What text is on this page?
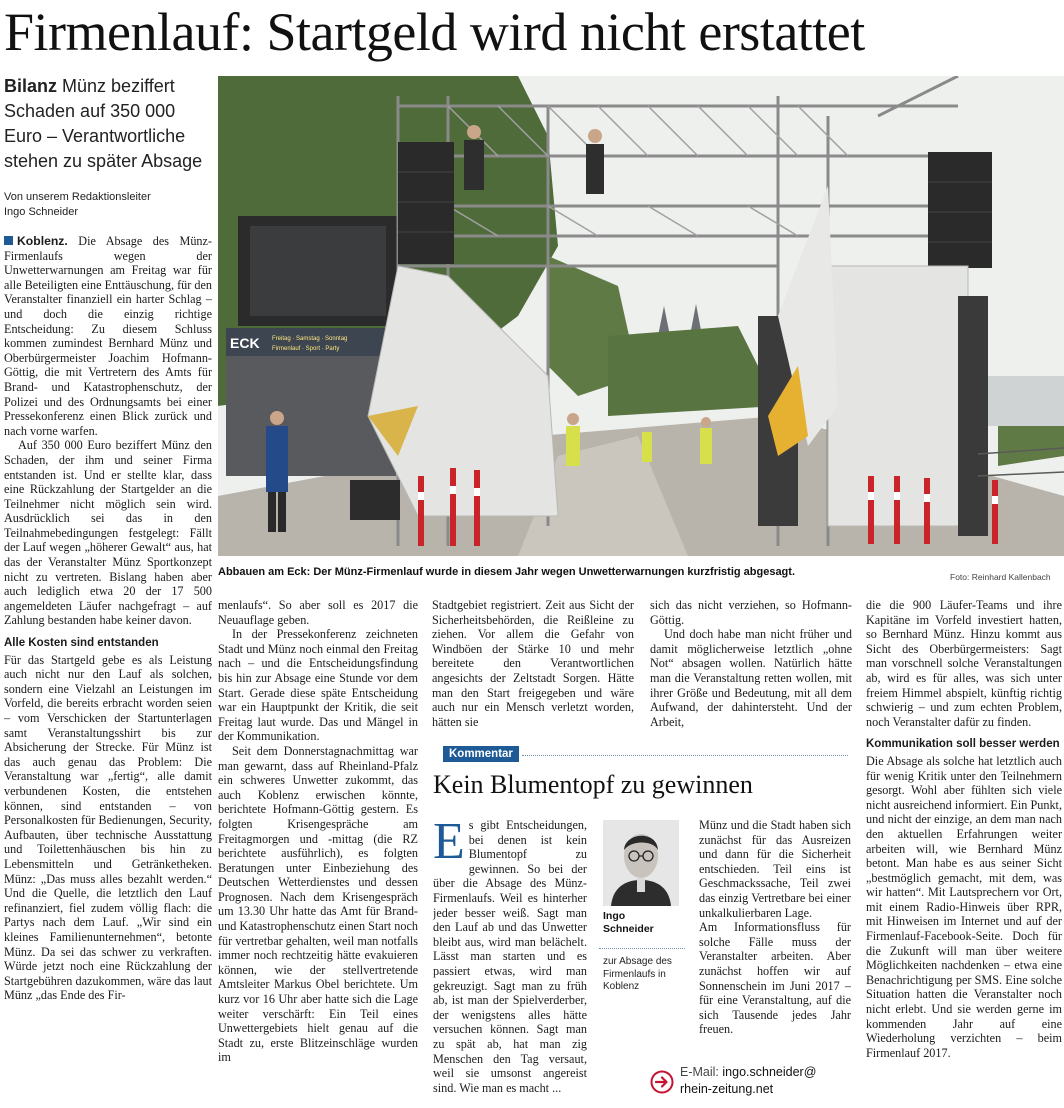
Firmenlauf: Startgeld wird nicht erstattet
Bilanz Münz beziffert Schaden auf 350 000 Euro – Verantwortliche stehen zu später Absage
Von unserem Redaktionsleiter
Ingo Schneider

Koblenz. Die Absage des Münz-Firmenlaufs wegen der Unwetterwarnungen am Freitag war für alle Beteiligten eine Enttäuschung, für den Veranstalter finanziell ein harter Schlag – und doch die einzig richtige Entscheidung: Zu diesem Schluss kommen zumindest Bernhard Münz und Oberbürgermeister Joachim Hofmann-Göttig, die mit Vertretern des Amts für Brand- und Katastrophenschutz, der Polizei und des Ordnungsamts bei einer Pressekonferenz einen Blick zurück und nach vorne warfen.

Auf 350 000 Euro beziffert Münz den Schaden, der ihm und seiner Firma entstanden ist. Und er stellte klar, dass eine Rückzahlung der Startgelder an die Teilnehmer nicht möglich sein wird. Ausdrücklich sei das in den Teilnahmebedingungen festgelegt: Fällt der Lauf wegen „höherer Gewalt“ aus, hat das der Veranstalter Münz Sportkonzept nicht zu vertreten. Bislang haben aber auch lediglich etwa 20 der 17 500 angemeldeten Läufer nachgefragt – auf Zahlung bestanden habe keiner davon.

Alle Kosten sind entstanden

Für das Startgeld gebe es als Leistung auch nicht nur den Lauf als solchen, sondern eine Vielzahl an Leistungen im Vorfeld, die bereits erbracht worden seien – vom Verschicken der Startunterlagen samt Veranstaltungsshirt bis zur Absicherung der Strecke. Für Münz ist das auch genau das Problem: Die Veranstaltung war „fertig“, alle damit verbundenen Kosten, die entstehen können, sind entstanden – von Personalkosten für Bedienungen, Security, Aufbauten, über technische Ausstattung und Toilettenhäuschen bis hin zu Lebensmitteln und Getränketheken. Münz: „Das muss alles bezahlt werden.“ Und die Quelle, die letztlich den Lauf refinanziert, fiel zudem völlig flach: die Partys nach dem Lauf. „Wir sind ein kleines Familienunternehmen“, betonte Münz. Da sei das schwer zu verkraften. Würde jetzt noch eine Rückzahlung der Startgebühren dazukommen, wäre das laut Münz „das Ende des Fir-

ECK Freitag · Samstag · Sonntag
Firmenlauf · Sport · Party
Abbauen am Eck: Der Münz-Firmenlauf wurde in diesem Jahr wegen Unwetterwarnungen kurzfristig abgesagt.	Foto: Reinhard Kallenbach

menlaufs“. So aber soll es 2017 die Neuauflage geben.

In der Pressekonferenz zeichneten Stadt und Münz noch einmal den Freitag nach – und die Entscheidungsfindung bis hin zur Absage eine Stunde vor dem Start. Gerade diese späte Entscheidung war ein Hauptpunkt der Kritik, die seit Freitag laut wurde. Das und Mängel in der Kommunikation.

Seit dem Donnerstagnachmittag war man gewarnt, dass auf Rheinland-Pfalz ein schweres Unwetter zukommt, das auch Koblenz erwischen könnte, berichtete Hofmann-Göttig gestern. Es folgten Krisengespräche am Freitagmorgen und -mittag (die RZ berichtete ausführlich), es folgten Beratungen unter Einbeziehung des Deutschen Wetterdienstes und dessen Prognosen. Nach dem Krisengespräch um 13.30 Uhr hatte das Amt für Brand- und Katastrophenschutz einen Start noch für vertretbar gehalten, weil man notfalls immer noch rechtzeitig hätte evakuieren können, wie der stellvertretende Amtsleiter Markus Obel berichtete. Um kurz vor 16 Uhr aber hatte sich die Lage weiter verschärft: Ein Teil eines Unwettergebiets hielt genau auf die Stadt zu, erste Blitzeinschläge wurden im

Stadtgebiet registriert. Zeit aus Sicht der Sicherheitsbehörden, die Reißleine zu ziehen. Vor allem die Gefahr von Windböen der Stärke 10 und mehr bereitete den Verantwortlichen angesichts der Zeltstadt Sorgen. Hätte man den Start freigegeben und wäre auch nur ein Mensch verletzt worden, hätten sie

sich das nicht verziehen, so Hofmann-Göttig.

Und doch habe man nicht früher und damit möglicherweise letztlich „ohne Not“ absagen wollen. Natürlich hätte man die Veranstaltung retten wollen, mit ihrer Größe und Bedeutung, mit all dem Aufwand, der dahintersteht. Und der Arbeit,

die die 900 Läufer-Teams und ihre Kapitäne im Vorfeld investiert hatten, so Bernhard Münz. Hinzu kommt aus Sicht des Oberbürgermeisters: Sagt man vorschnell solche Veranstaltungen ab, wird es für alles, was sich unter freiem Himmel abspielt, künftig richtig schwierig – und zum echten Problem, noch Veranstalter dafür zu finden.

Kommunikation soll besser werden

Die Absage als solche hat letztlich auch für wenig Kritik unter den Teilnehmern gesorgt. Wohl aber fühlten sich viele nicht ausreichend informiert. Ein Punkt, und nicht der einzige, an dem man nach den aktuellen Erfahrungen weiter arbeiten will, wie Bernhard Münz betont. Man habe es aus seiner Sicht „bestmöglich gemacht, mit dem, was wir hatten“. Mit Lautsprechern vor Ort, mit einem Radio-Hinweis über RPR, mit Hinweisen im Internet und auf der Firmenlauf-Facebook-Seite. Doch für die Zukunft will man über weitere Möglichkeiten nachdenken – etwa eine Benachrichtigung per SMS. Eine solche Situation hatten die Veranstalter noch nicht erlebt. Und sie werden gerne im kommenden Jahr auf eine Wiederholung verzichten – beim Firmenlauf 2017.

Kommentar
Kein Blumentopf zu gewinnen
E s gibt Entscheidungen, bei denen ist kein Blumentopf zu gewinnen. So bei der über die Absage des Münz-Firmenlaufs. Weil es hinterher jeder besser weiß. Sagt man den Lauf ab und das Unwetter bleibt aus, wird man belächelt. Lässt man starten und es passiert etwas, wird man gekreuzigt. Sagt man zu früh ab, ist man der Spielverderber, der wenigstens alles hätte versuchen können. Sagt man zu spät ab, hat man zig Menschen den Tag versaut, weil sie umsonst angereist sind. Wie man es macht ...
Ingo
Schneider
zur Absage des Firmenlaufs in Koblenz

Münz und die Stadt haben sich zunächst für das Ausreizen und dann für die Sicherheit entschieden. Teil eins ist Geschmackssache, Teil zwei das einzig Vertretbare bei einer unkalkulierbaren Lage.

Am Informationsfluss für solche Fälle muss der Veranstalter arbeiten. Aber zunächst hoffen wir auf Sonnenschein im Juni 2017 – für eine Veranstaltung, auf die sich Tausende jedes Jahr freuen.

E-Mail: ingo.schneider@
rhein-zeitung.net
